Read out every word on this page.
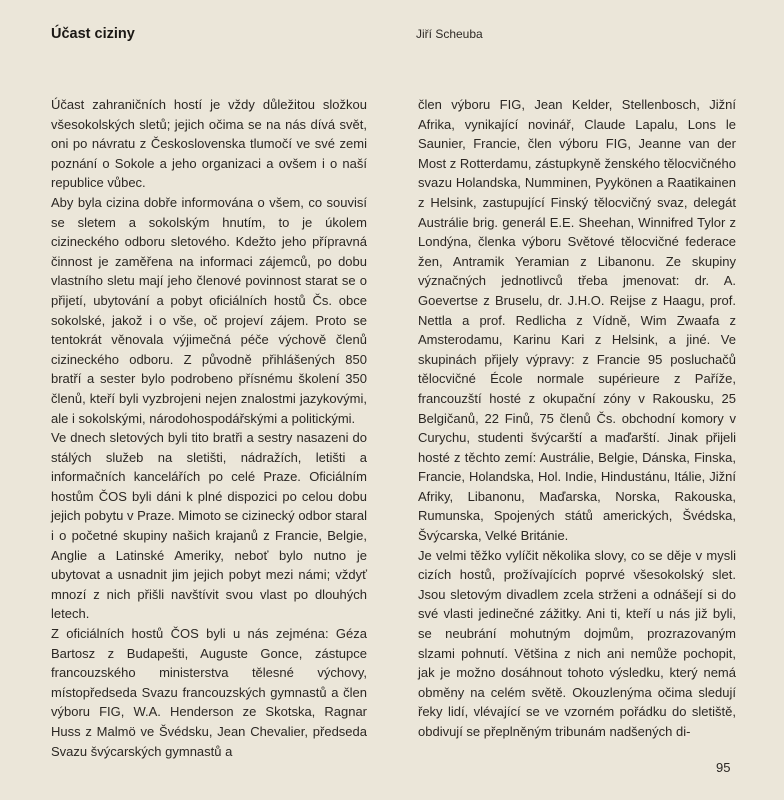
Účast ciziny	Jiří Scheuba

Účast zahraničních hostí je vždy důležitou složkou všesokolských sletů; jejich očima se na nás dívá svět, oni po návratu z Československa tlumočí ve své zemi poznání o Sokole a jeho organizaci a ovšem i o naší republice vůbec.

Aby byla cizina dobře informována o všem, co souvisí se sletem a sokolským hnutím, to je úkolem cizineckého odboru sletového. Kdežto jeho přípravná činnost je zaměřena na informaci zájemců, po dobu vlastního sletu mají jeho členové povinnost starat se o přijetí, ubytování a pobyt oficiálních hostů Čs. obce sokolské, jakož i o vše, oč projeví zájem. Proto se tentokrát věnovala výjimečná péče výchově členů cizineckého odboru. Z původně přihlášených 850 bratří a sester bylo podrobeno přísnému školení 350 členů, kteří byli vyzbrojeni nejen znalostmi jazykovými, ale i sokolskými, národohospodářskými a politickými.

Ve dnech sletových byli tito bratři a sestry nasazeni do stálých služeb na sletišti, nádražích, letišti a informačních kancelářích po celé Praze. Oficiálním hostům ČOS byli dáni k plné dispozici po celou dobu jejich pobytu v Praze. Mimoto se cizinecký odbor staral i o početné skupiny našich krajanů z Francie, Belgie, Anglie a Latinské Ameriky, neboť bylo nutno je ubytovat a usnadnit jim jejich pobyt mezi námi; vždyť mnozí z nich přišli navštívit svou vlast po dlouhých letech.

Z oficiálních hostů ČOS byli u nás zejména: Géza Bartosz z Budapešti, Auguste Gonce, zástupce francouzského ministerstva tělesné výchovy, místopředseda Svazu francouzských gymnastů a člen výboru FIG, W.A. Henderson ze Skotska, Ragnar Huss z Malmö ve Švédsku, Jean Chevalier, předseda Svazu švýcarských gymnastů a

člen výboru FIG, Jean Kelder, Stellenbosch, Jižní Afrika, vynikající novinář, Claude Lapalu, Lons le Saunier, Francie, člen výboru FIG, Jeanne van der Most z Rotterdamu, zástupkyně ženského tělocvičného svazu Holandska, Numminen, Pyykönen a Raatikainen z Helsink, zastupující Finský tělocvičný svaz, delegát Austrálie brig. generál E.E. Sheehan, Winnifred Tylor z Londýna, členka výboru Světové tělocvičné federace žen, Antramik Yeramian z Libanonu. Ze skupiny význačných jednotlivců třeba jmenovat: dr. A. Goevertse z Bruselu, dr. J.H.O. Reijse z Haagu, prof. Nettla a prof. Redlicha z Vídně, Wim Zwaafa z Amsterodamu, Karinu Kari z Helsink, a jiné. Ve skupinách přijely výpravy: z Francie 95 posluchačů tělocvičné École normale supérieure z Paříže, francouzští hosté z okupační zóny v Rakousku, 25 Belgičanů, 22 Finů, 75 členů Čs. obchodní komory v Curychu, studenti švýcarští a maďarští. Jinak přijeli hosté z těchto zemí: Austrálie, Belgie, Dánska, Finska, Francie, Holandska, Hol. Indie, Hindustánu, Itálie, Jižní Afriky, Libanonu, Maďarska, Norska, Rakouska, Rumunska, Spojených států amerických, Švédska, Švýcarska, Velké Británie.

Je velmi těžko vylíčit několika slovy, co se děje v mysli cizích hostů, prožívajících poprvé všesokolský slet. Jsou sletovým divadlem zcela strženi a odnášejí si do své vlasti jedinečné zážitky. Ani ti, kteří u nás již byli, se neubrání mohutným dojmům, prozrazovaným slzami pohnutí. Většina z nich ani nemůže pochopit, jak je možno dosáhnout tohoto výsledku, který nemá obměny na celém světě. Okouzlenýma očima sledují řeky lidí, vlévající se ve vzorném pořádku do sletiště, obdivují se přeplněným tribunám nadšených di-

95
